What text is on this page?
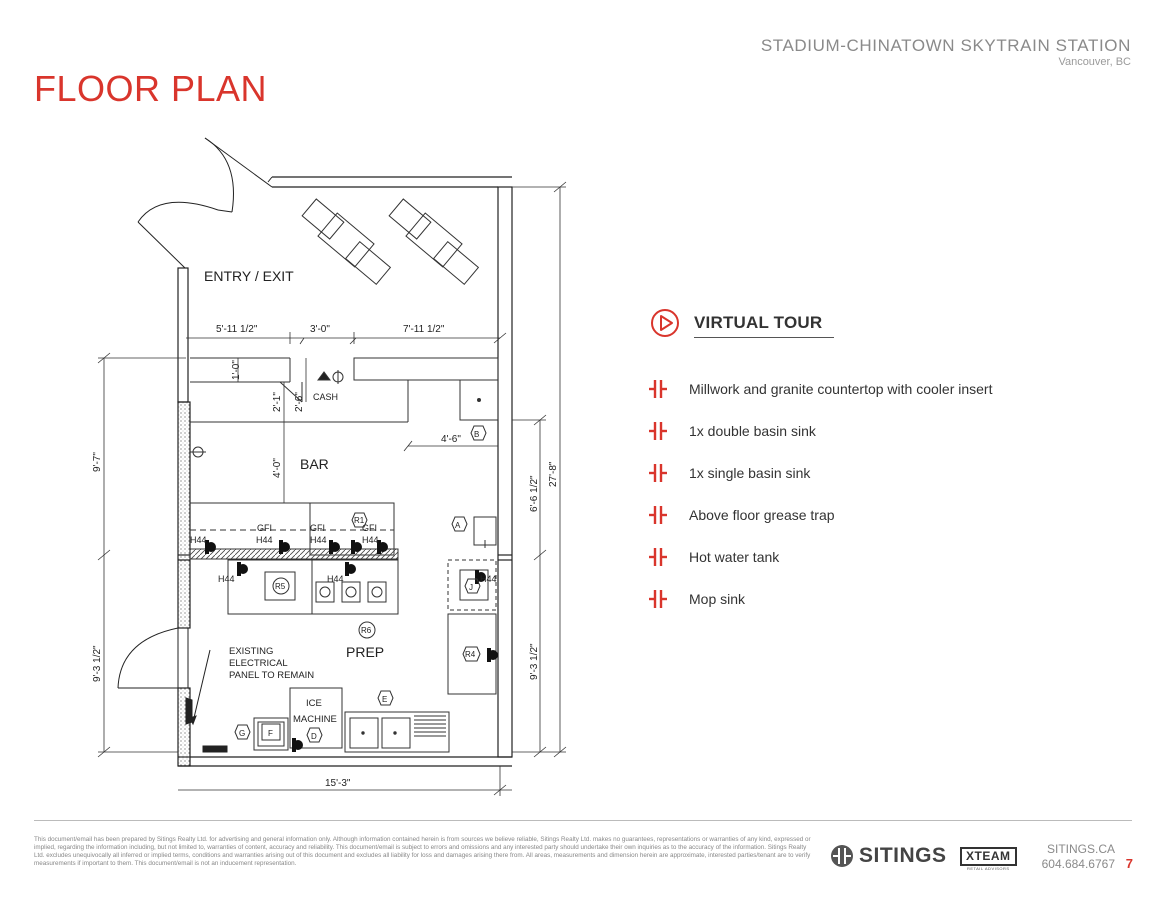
STADIUM-CHINATOWN SKYTRAIN STATION
Vancouver, BC
FLOOR PLAN
ENTRY / EXIT
BAR
PREP
CASH
5'-11 1/2"	3'-0"	7'-11 1/2"
1'-0"
2'-1" 2'-6"
4'-0"
4'-6"
9'-7"
9'-3 1/2"
6'-6 1/2"
9'-3 1/2"
27'-8"
15'-3"
GFI	GFI	GFI
H44	H44	H44	H44
H44	H44	H44
EXISTING
ELECTRICAL
PANEL TO REMAIN
ICE
MACHINE
A
B
D
E
F
G
J
R1
R4
R5
R6
VIRTUAL TOUR
Millwork and granite countertop with cooler insert
1x double basin sink
1x single basin sink
Above floor grease trap
Hot water tank
Mop sink
This document/email has been prepared by Sitings Realty Ltd. for advertising and general information only. Although information contained herein is from sources we believe reliable, Sitings Realty Ltd. makes no guarantees, representations or warranties of any kind, expressed or implied, regarding the information including, but not limited to, warranties of content, accuracy and reliability. This document/email is subject to errors and omissions and any interested party should undertake their own inquiries as to the accuracy of the information. Sitings Realty Ltd. excludes unequivocally all inferred or implied terms, conditions and warranties arising out of this document and excludes all liability for loss and damages arising there from. All areas, measurements and dimension herein are approximate, interested parties/tenant are to verify measurements if important to them. This document/email is not an inducement representation.	SITINGS	XTEAM
RETAIL ADVISORS
SITINGS.CA
604.684.6767 7
